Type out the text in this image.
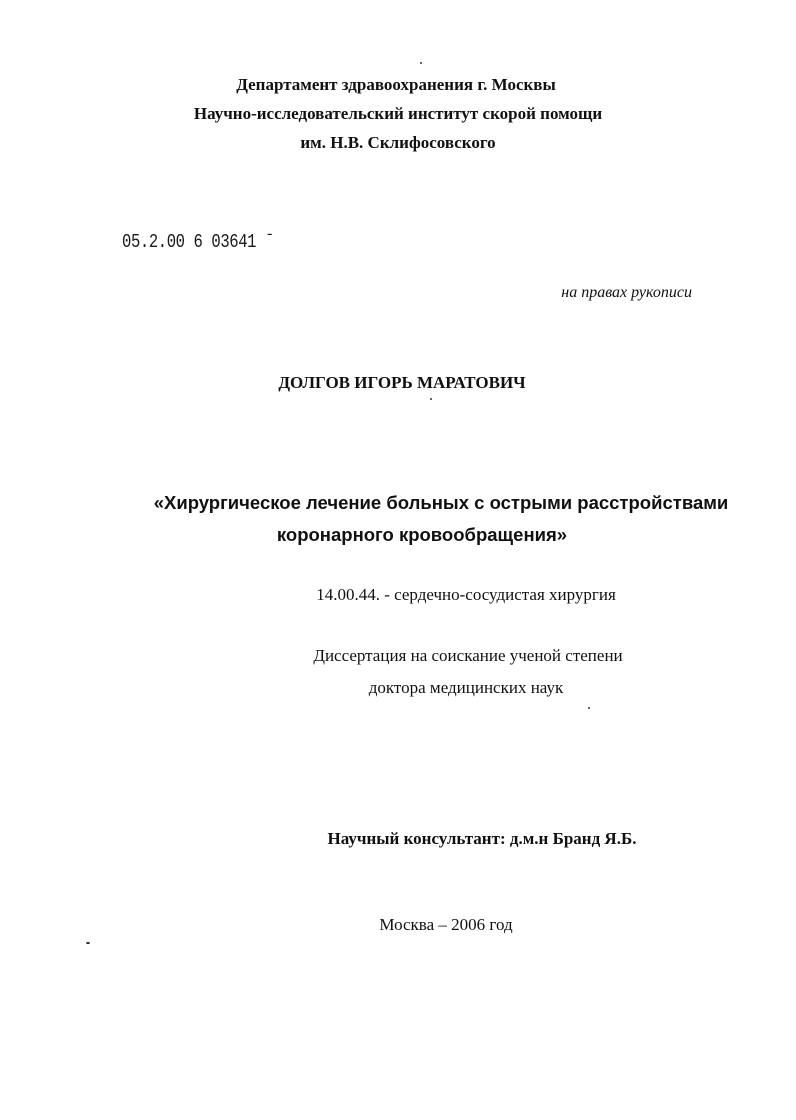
Департамент здравоохранения г. Москвы
Научно-исследовательский институт скорой помощи
им. Н.В. Склифосовского
05.2.00 6 03641 ˉ
на правах рукописи
ДОЛГОВ ИГОРЬ МАРАТОВИЧ
«Хирургическое лечение больных с острыми расстройствами
коронарного кровообращения»
14.00.44. - сердечно-сосудистая хирургия
Диссертация на соискание ученой степени
доктора медицинских наук
Научный консультант: д.м.н Бранд Я.Б.
Москва – 2006 год
